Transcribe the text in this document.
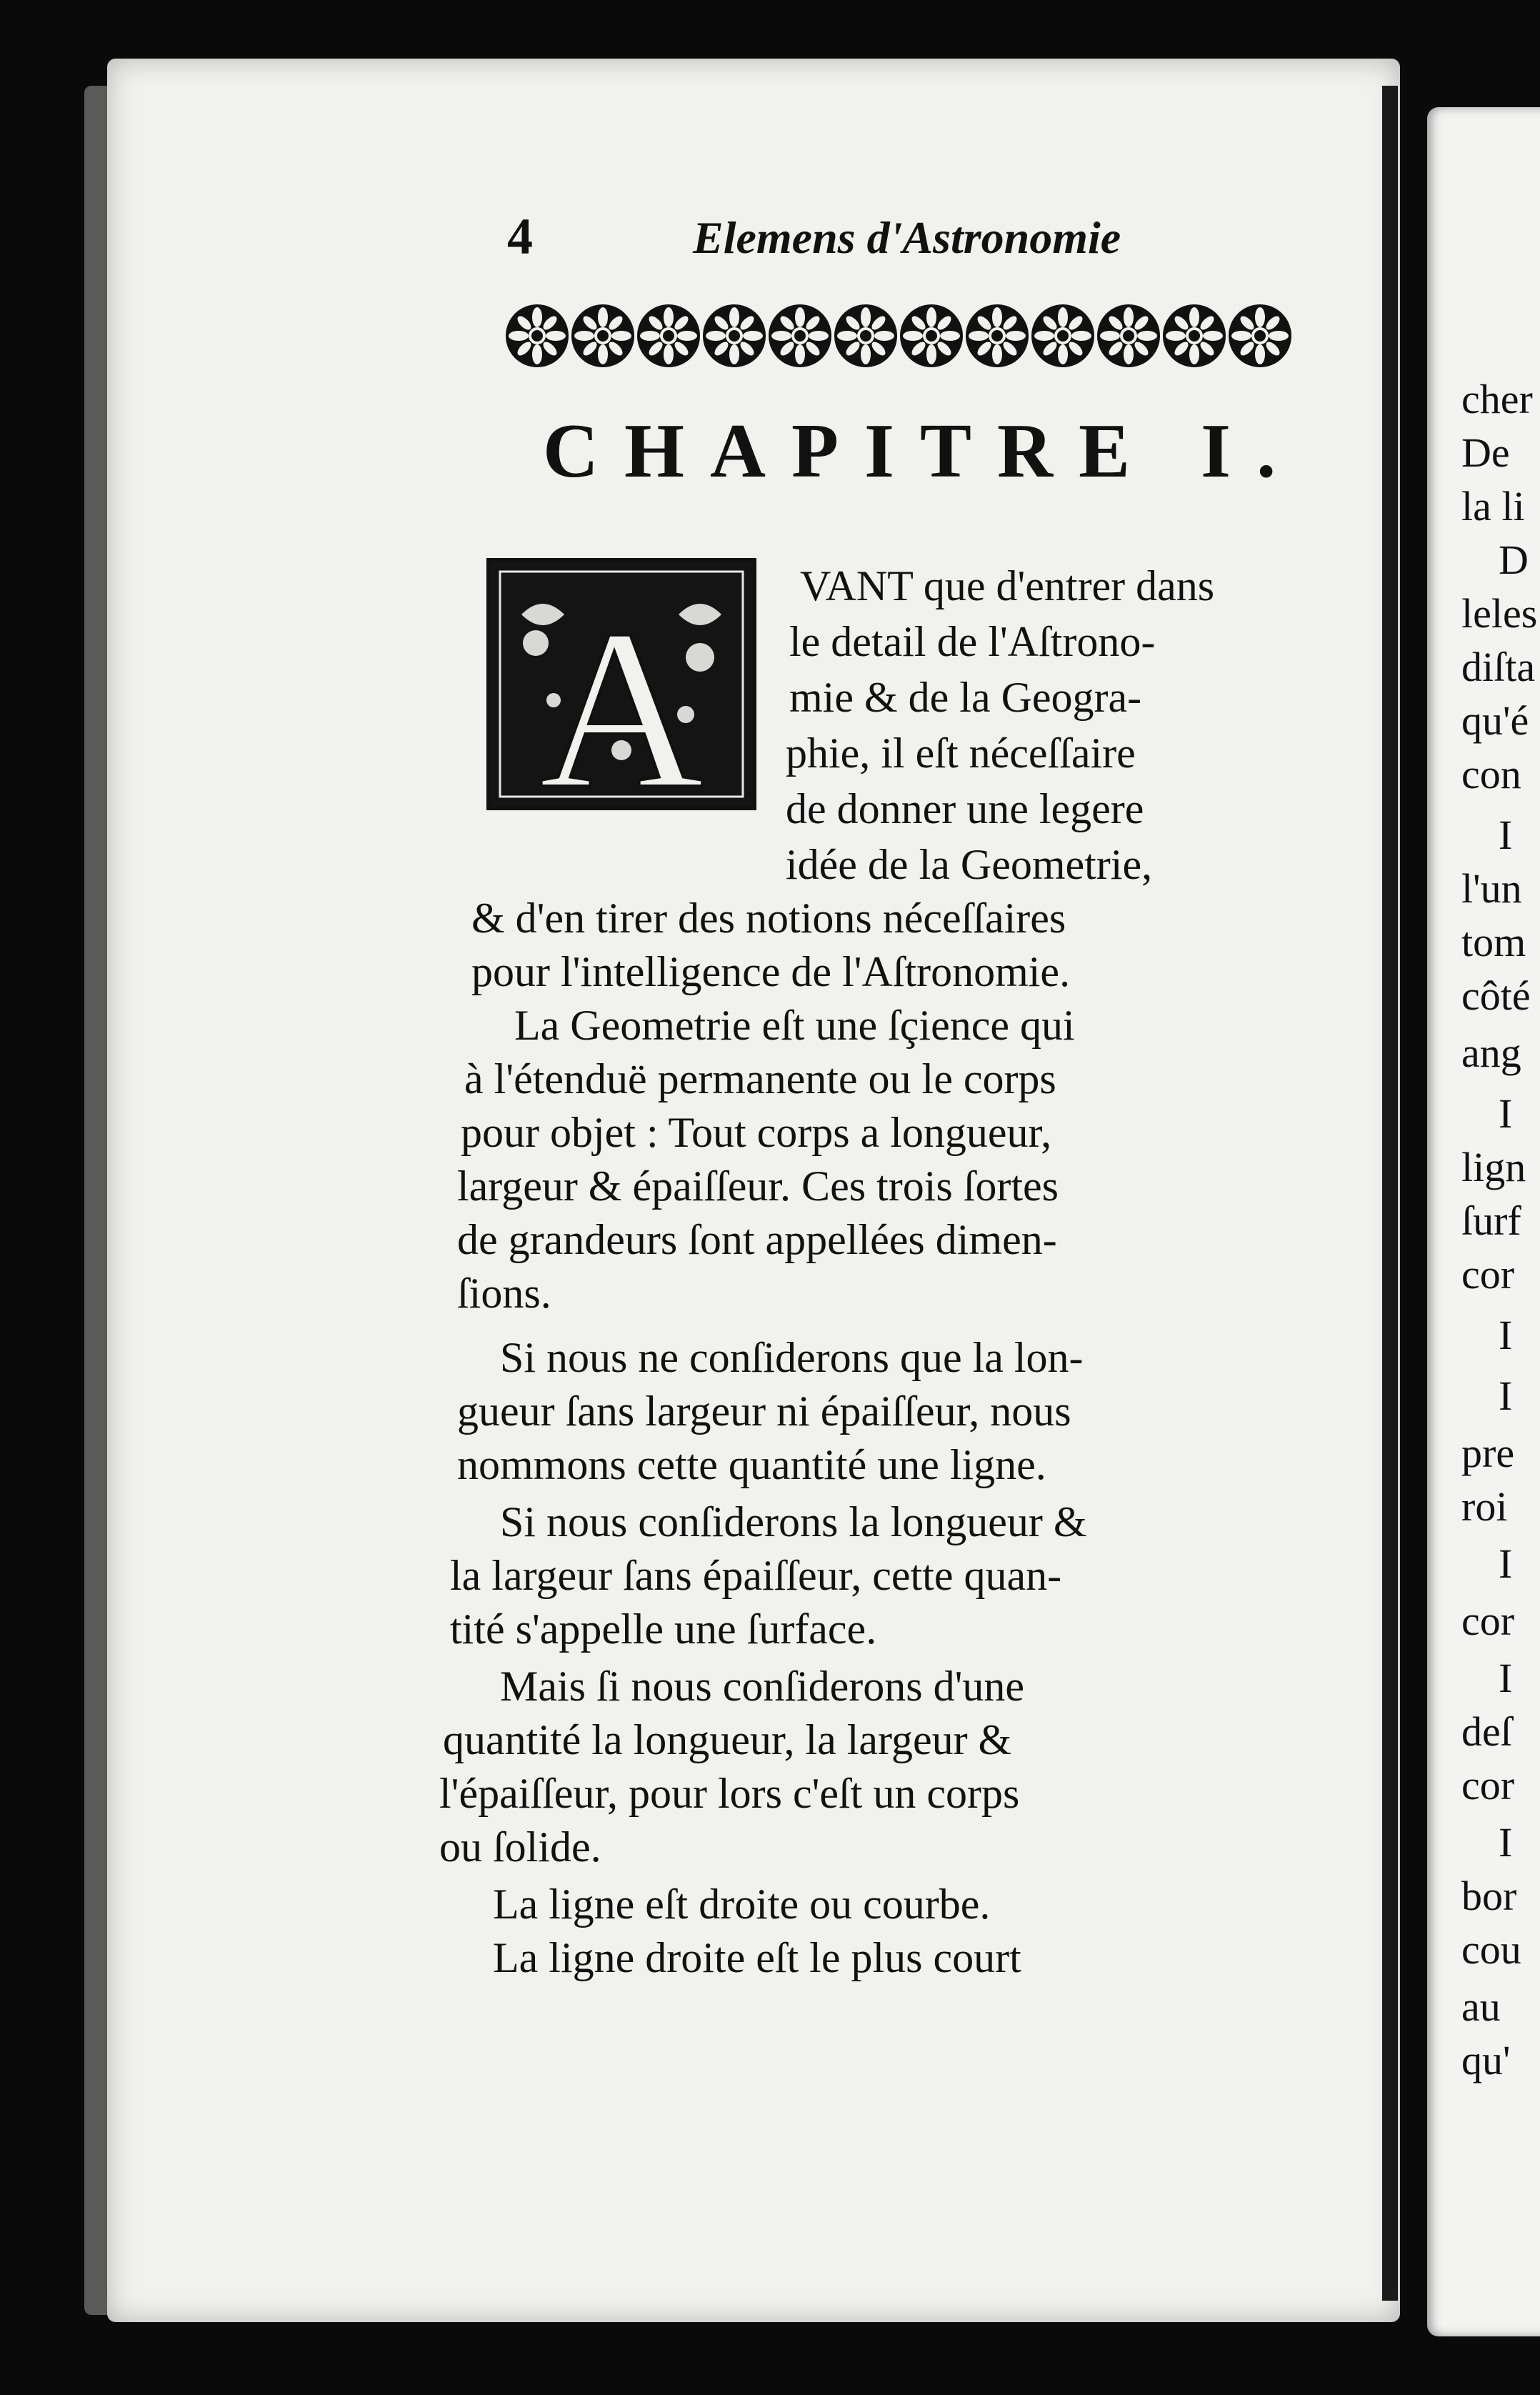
4	Elemens d'Astronomie
CHAPITRE I.
A VANT que d'entrer dans
le detail de l'Aſtrono-
mie & de la Geogra-
phie, il eſt néceſſaire
de donner une legere
idée de la Geometrie,
& d'en tirer des notions néceſſaires
pour l'intelligence de l'Aſtronomie.
La Geometrie eſt une ſçience qui
à l'étenduë permanente ou le corps
pour objet : Tout corps a longueur,
largeur & épaiſſeur. Ces trois ſortes
de grandeurs ſont appellées dimen-
ſions.
Si nous ne conſiderons que la lon-
gueur ſans largeur ni épaiſſeur, nous
nommons cette quantité une ligne.
Si nous conſiderons la longueur &
la largeur ſans épaiſſeur, cette quan-
tité s'appelle une ſurface.
Mais ſi nous conſiderons d'une
quantité la longueur, la largeur &
l'épaiſſeur, pour lors c'eſt un corps
ou ſolide.
La ligne eſt droite ou courbe.
La ligne droite eſt le plus court
cher
De
la li
D
leles
diſta
qu'é
con
I
l'un
tom
côté
ang
I
lign
ſurf
cor
I
I
pre
roi
I
cor
I
deſ
cor
I
bor
cou
au
qu'
